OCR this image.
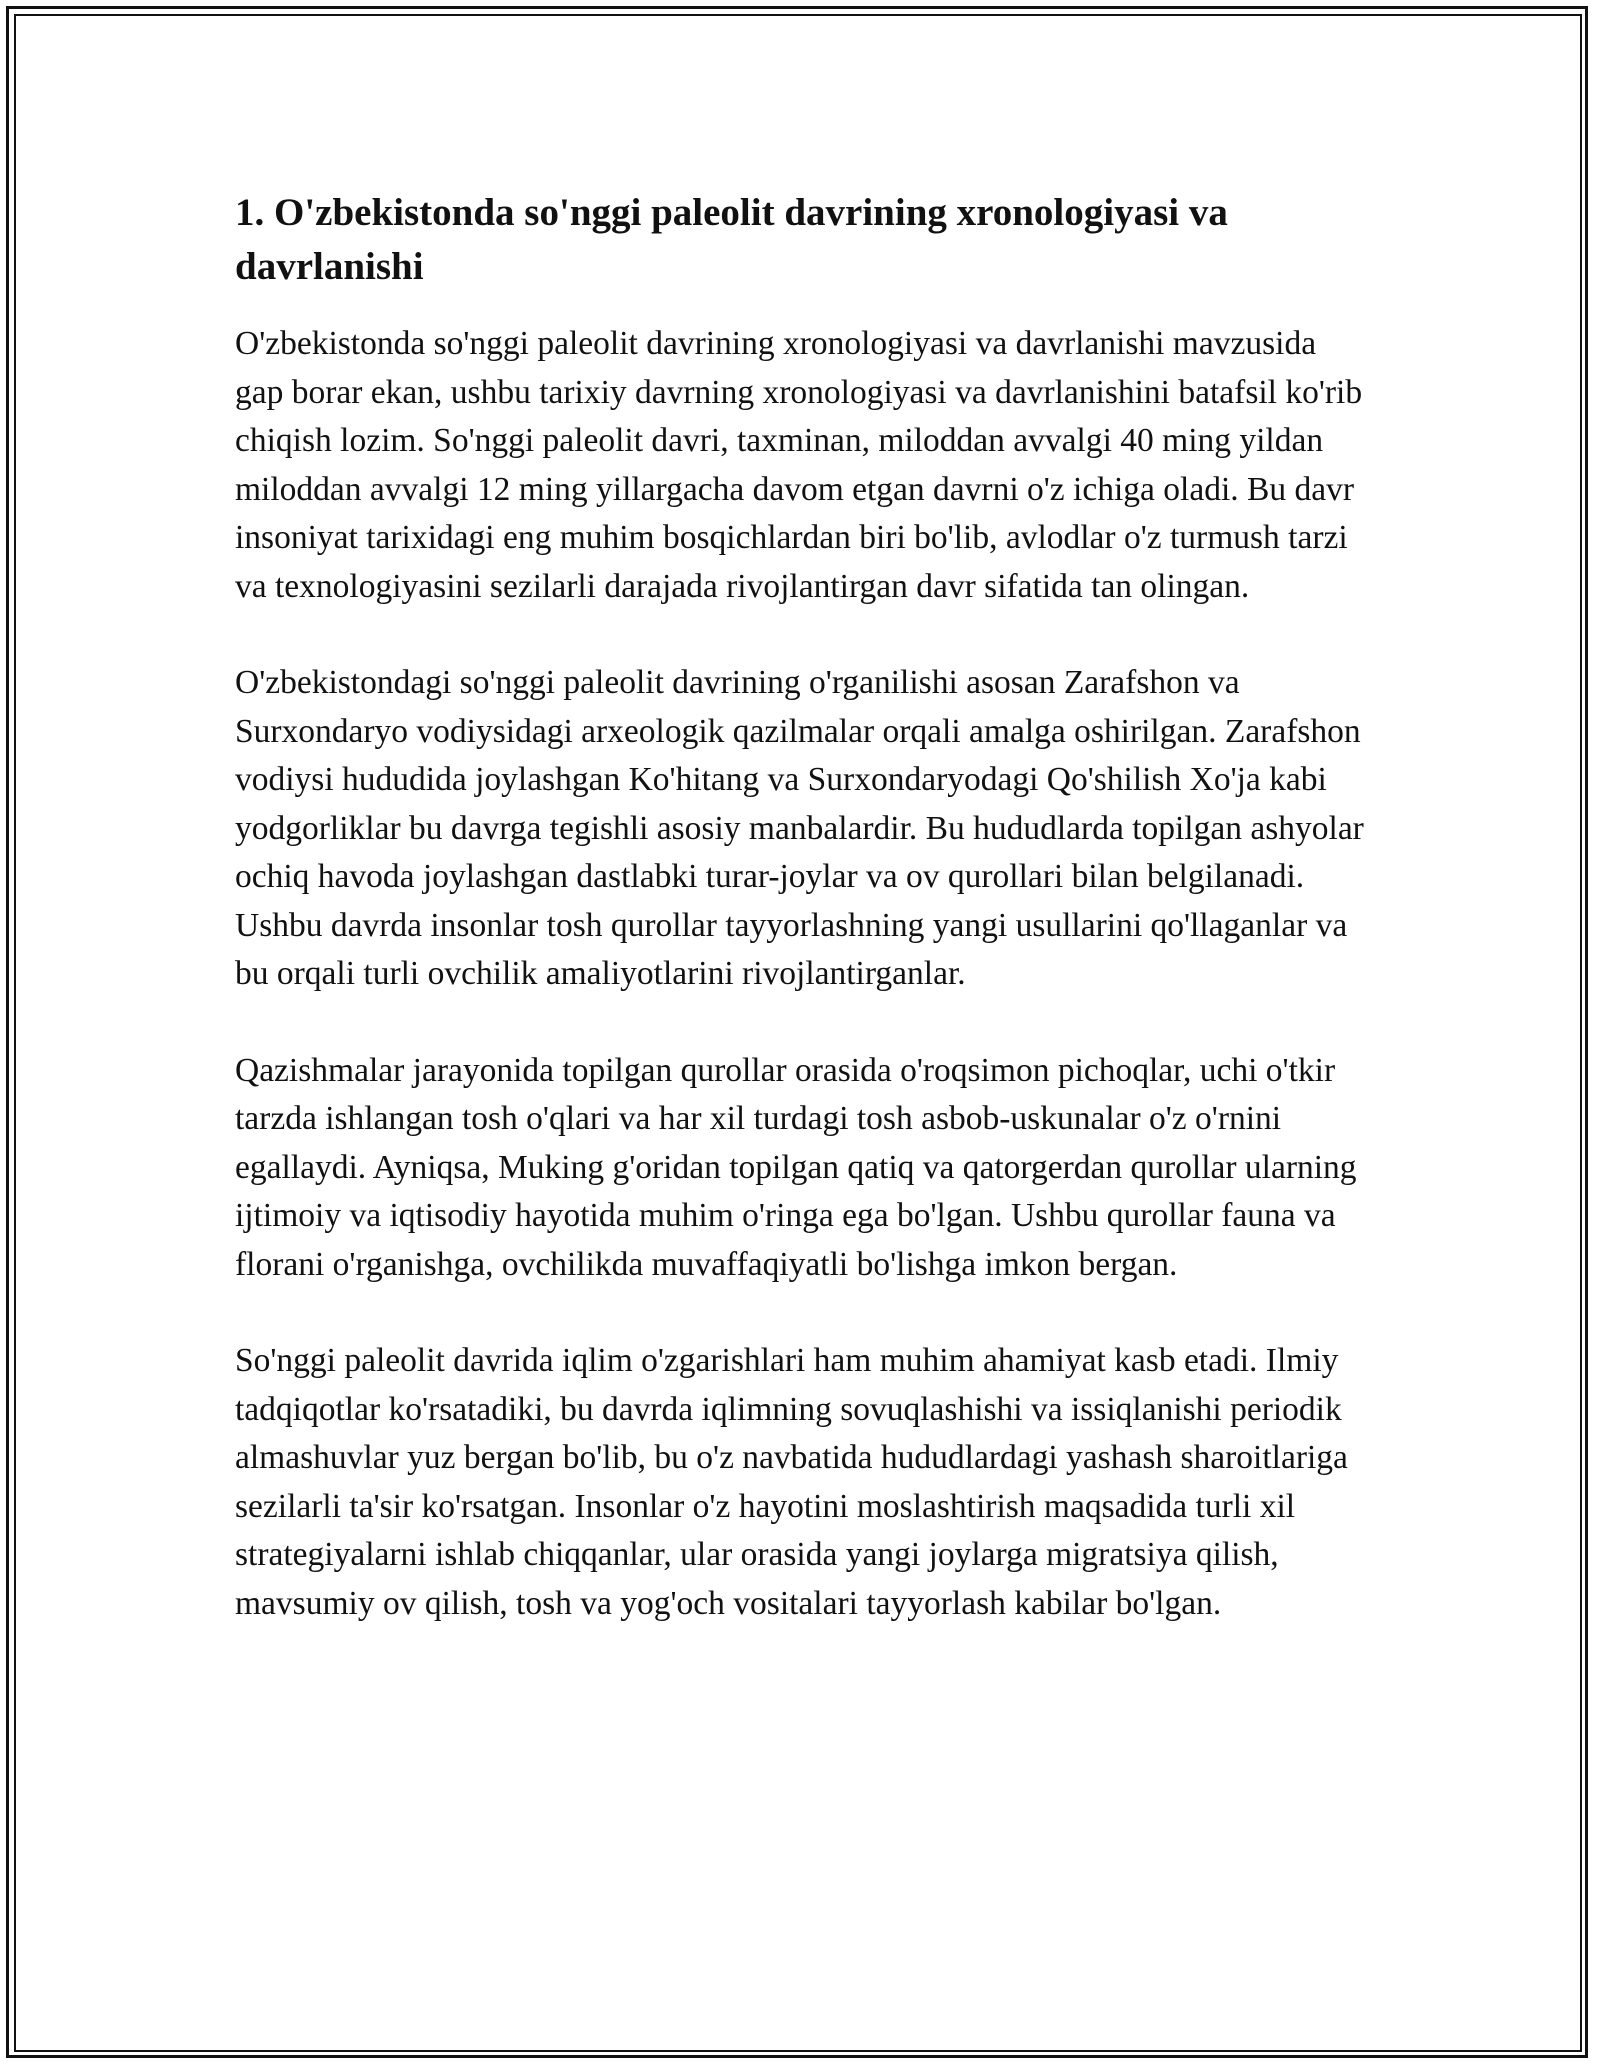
1. O'zbekistonda so'nggi paleolit davrining xronologiyasi va davrlanishi

O'zbekistonda so'nggi paleolit davrining xronologiyasi va davrlanishi mavzusida gap borar ekan, ushbu tarixiy davrning xronologiyasi va davrlanishini batafsil ko'rib chiqish lozim. So'nggi paleolit davri, taxminan, miloddan avvalgi 40 ming yildan miloddan avvalgi 12 ming yillargacha davom etgan davrni o'z ichiga oladi. Bu davr insoniyat tarixidagi eng muhim bosqichlardan biri bo'lib, avlodlar o'z turmush tarzi va texnologiyasini sezilarli darajada rivojlantirgan davr sifatida tan olingan.

O'zbekistondagi so'nggi paleolit davrining o'rganilishi asosan Zarafshon va Surxondaryo vodiysidagi arxeologik qazilmalar orqali amalga oshirilgan. Zarafshon vodiysi hududida joylashgan Ko'hitang va Surxondaryodagi Qo'shilish Xo'ja kabi yodgorliklar bu davrga tegishli asosiy manbalardir. Bu hududlarda topilgan ashyolar ochiq havoda joylashgan dastlabki turar-joylar va ov qurollari bilan belgilanadi. Ushbu davrda insonlar tosh qurollar tayyorlashning yangi usullarini qo'llaganlar va bu orqali turli ovchilik amaliyotlarini rivojlantirganlar.

Qazishmalar jarayonida topilgan qurollar orasida o'roqsimon pichoqlar, uchi o'tkir tarzda ishlangan tosh o'qlari va har xil turdagi tosh asbob-uskunalar o'z o'rnini egallaydi. Ayniqsa, Muking g'oridan topilgan qatiq va qatorgerdan qurollar ularning ijtimoiy va iqtisodiy hayotida muhim o'ringa ega bo'lgan. Ushbu qurollar fauna va florani o'rganishga, ovchilikda muvaffaqiyatli bo'lishga imkon bergan.

So'nggi paleolit davrida iqlim o'zgarishlari ham muhim ahamiyat kasb etadi. Ilmiy tadqiqotlar ko'rsatadiki, bu davrda iqlimning sovuqlashishi va issiqlanishi periodik almashuvlar yuz bergan bo'lib, bu o'z navbatida hududlardagi yashash sharoitlariga sezilarli ta'sir ko'rsatgan. Insonlar o'z hayotini moslashtirish maqsadida turli xil strategiyalarni ishlab chiqqanlar, ular orasida yangi joylarga migratsiya qilish, mavsumiy ov qilish, tosh va yog'och vositalari tayyorlash kabilar bo'lgan.
